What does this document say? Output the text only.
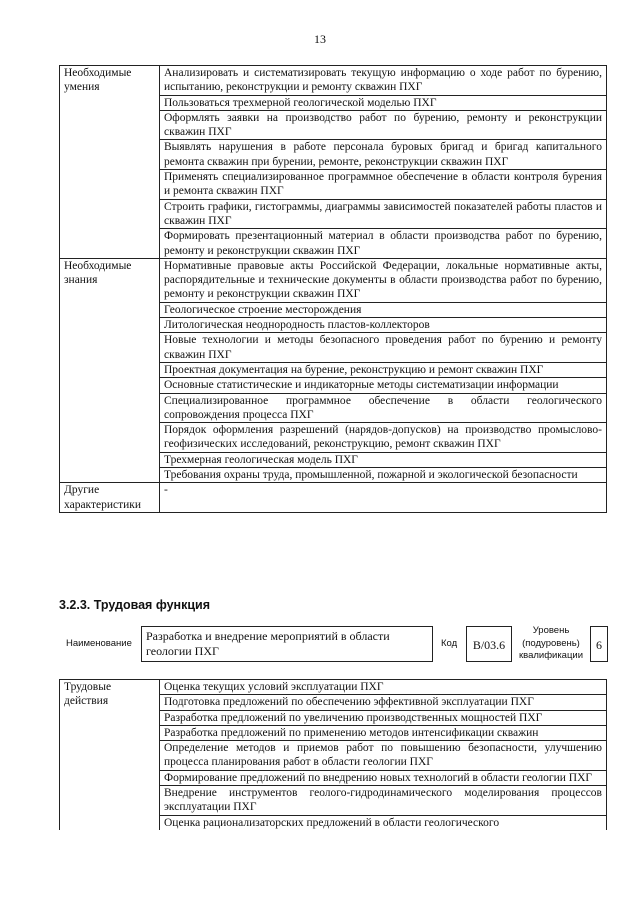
13
Необходимые умения	Анализировать и систематизировать текущую информацию о ходе работ по бурению, испытанию, реконструкции и ремонту скважин ПХГ
	Пользоваться трехмерной геологической моделью ПХГ
	Оформлять заявки на производство работ по бурению, ремонту и реконструкции скважин ПХГ
	Выявлять нарушения в работе персонала буровых бригад и бригад капитального ремонта скважин при бурении, ремонте, реконструкции скважин ПХГ
	Применять специализированное программное обеспечение в области контроля бурения и ремонта скважин ПХГ
	Строить графики, гистограммы, диаграммы зависимостей показателей работы пластов и скважин ПХГ
	Формировать презентационный материал в области производства работ по бурению, ремонту и реконструкции скважин ПХГ
Необходимые знания	Нормативные правовые акты Российской Федерации, локальные нормативные акты, распорядительные и технические документы в области производства работ по бурению, ремонту и реконструкции скважин ПХГ
	Геологическое строение месторождения
	Литологическая неоднородность пластов-коллекторов
	Новые технологии и методы безопасного проведения работ по бурению и ремонту скважин ПХГ
	Проектная документация на бурение, реконструкцию и ремонт скважин ПХГ
	Основные статистические и индикаторные методы систематизации информации
	Специализированное программное обеспечение в области геологического сопровождения процесса ПХГ
	Порядок оформления разрешений (нарядов-допусков) на производство промыслово-геофизических исследований, реконструкцию, ремонт скважин ПХГ
	Трехмерная геологическая модель ПХГ
	Требования охраны труда, промышленной, пожарной и экологической безопасности
Другие характеристики	-
3.2.3. Трудовая функция
Наименование
Разработка и внедрение мероприятий в области геологии ПХГ
Код	В/03.6
Уровень (подуровень) квалификации
6
Трудовые действия	Оценка текущих условий эксплуатации ПХГ
Подготовка предложений по обеспечению эффективной эксплуатации ПХГ
Разработка предложений по увеличению производственных мощностей ПХГ
Разработка предложений по применению методов интенсификации скважин
Определение методов и приемов работ по повышению безопасности, улучшению процесса планирования работ в области геологии ПХГ
Формирование предложений по внедрению новых технологий в области геологии ПХГ
Внедрение инструментов геолого-гидродинамического моделирования процессов эксплуатации ПХГ
Оценка рационализаторских предложений в области геологического
